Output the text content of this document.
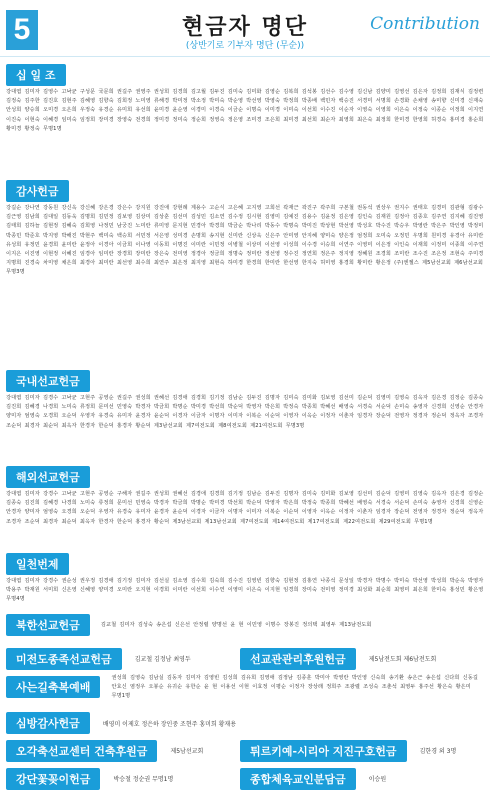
5	현금자 명단
(상반기로 기부자 명단 (무순))
Contribution
십 일 조
강대엽 김미자 김영수 고낙균 구성문 국문희 권길주 권영주 권성희 김경희 김고월 김두진 김미숙 김미화 김영순 김복희 김석봉 김선수 김수영 김신남 김양미 김영선 김은자 김정희 김재식 김정련 김정숙 김주한 김진호 김현주 김혜영 김향숙 김희정 노미영 류해경 박미정 박소정 박미숙 박순영 박선영 박영숙 박정희 박종배 백민자 백승진 서경미 서명희 손경화 손채영 송미향 신미경 신재숙 안성희 양승희 오미경 오은희 우정숙 유경순 유미희 유선희 윤미경 윤순영 이경미 이경숙 이금순 이명숙 이미경 이미숙 이선희 이수진 이순자 이영숙 이영희 이은숙 이정숙 이종순 이정희 이지연 이진숙 이현숙 이혜경 임미숙 임정희 장미경 장영숙 전경희 정미경 정미숙 정순희 정영숙 정은영 조미경 조은희 최미경 최선희 최순자 최영희 최은숙 최정희 한미경 한영희 허경숙 홍미경 홍순희 황미경 황정숙 무명1명
감사헌금
강길순 강나연 강동원 강신옥 강신혜 강은경 강은수 강지원 강진애 강현례 계용수 고순식 고은혜 고지영 고희선 곽재근 곽진구 곽주희 구본철 권동석 권상우 권지수 권태호 김경미 김관형 김광수 김근영 김남희 김대일 김동욱 김명희 김민정 김보영 김상미 김상훈 김선미 김성민 김소연 김수정 김시현 김영미 김예진 김용수 김윤정 김은영 김인숙 김재원 김정아 김종호 김주연 김지혜 김진영 김태희 김하늘 김현정 김혜숙 김희영 나정민 남궁진 노미란 류미영 문지현 민경아 박경희 박금순 박나리 박동수 박명숙 박미진 박상현 박선영 박성호 박수진 박승우 박영란 박은주 박인영 박정미 박종민 박준호 박지영 박해진 박현주 백미숙 백승희 서민정 서은영 성미경 손명희 송지현 신미란 신상욱 신은주 안미영 안지혜 양미숙 양은정 엄정희 오미숙 오정민 우명희 원미경 유경아 유미란 유성희 유정민 윤경희 윤미란 윤정아 이경아 이금희 이나영 이동희 이명진 이미란 이민정 이병철 이상미 이선영 이성희 이수경 이승희 이연주 이영미 이은정 이인숙 이재희 이정미 이종희 이주연 이지은 이진영 이현정 이혜진 임경아 임미란 장경희 장미란 장은숙 전미영 정경아 정금희 정명숙 정미란 정선영 정수진 정연희 정은주 정지영 정혜원 조경희 조미란 조수진 조은정 조현숙 주미경 지명희 진경숙 차미영 채은희 최경아 최미란 최선영 최수희 최연주 최은정 최지영 최현숙 하미경 한경희 한미란 한선영 한지숙 허미영 홍경희 황미란 황은정 (주)엔젤스 제5남선교회 제6남선교회 무명3명
국내선교헌금
강대엽 김미자 김경수 고낙균 고현주 공영순 권길주 권성희 권혜선 김경애 김경희 김기정 김남순 김두진 김명자 김미숙 김미화 김보영 김선미 김순덕 김영미 김영숙 김옥자 김은경 김정순 김종숙 김진희 김혜경 나경희 노미숙 류정희 문미선 민영숙 박경자 박금희 박명순 박미경 박선희 박순덕 박영자 박은희 박정숙 박종희 박혜선 배영숙 서경숙 서순덕 손미숙 송영자 신경희 신영순 안경자 양미자 엄영숙 오경희 오순덕 우영자 유경숙 유미자 윤경자 윤순덕 이경자 이금자 이명자 이미자 이복순 이순덕 이영자 이옥순 이정자 이춘자 임경자 장순덕 전영자 정경자 정순덕 정옥자 조경자 조순덕 최경자 최순덕 최옥자 한경자 한순덕 홍경자 황순덕 제3남선교회 제7여전도회 제8여전도회 제21여전도회 무명3명
해외선교헌금
강대엽 김미자 강경수 고낙균 고현주 공영순 구해자 권길주 권성희 권혜선 김경애 김경희 김기정 김남순 김두진 김명자 김미숙 김미화 김보영 김선미 김순덕 김영미 김영숙 김옥자 김은경 김정순 김종숙 김진희 김혜경 나경희 노미숙 류정희 문미선 민영숙 박경자 박금희 박명순 박미경 박선희 박순덕 박영자 박은희 박정숙 박종희 박혜선 배영숙 서경숙 서순덕 손미숙 송영자 신경희 신영순 안경자 양미자 엄영숙 오경희 오순덕 우영자 유경숙 유미자 윤경자 윤순덕 이경자 이금자 이명자 이미자 이복순 이순덕 이영자 이옥순 이정자 이춘자 임경자 장순덕 전영자 정경자 정순덕 정옥자 조경자 조순덕 최경자 최순덕 최옥자 한경자 한순덕 홍경자 황순덕 제3남선교회 제13남선교회 제7여전도회 제14여전도회 제17여전도회 제22여전도회 제29여전도회 무명1명
일천번제
강대엽 김미자 강경수 권순성 권우정 김경애 김기정 김미자 김선실 김소영 김수희 김숙희 김수진 김영빈 김향숙 김현정 김홍연 나종석 문성일 박경자 박명수 박미숙 박선영 박성희 박순옥 박영자 박용주 박재원 서미희 신은영 신혜영 양미경 오미란 오지현 이경희 이미란 이선희 이수연 이영미 이은숙 이지현 임경희 장미숙 전미영 정미경 최성화 최순희 최영미 최은희 한미숙 홍성민 황은영 무명4명
북한선교헌금	김교철 김미자 김성숙 송은섭 신은선 안정렬 양명선 윤 현 이민영 이명수 장봉진 정의택 최영두 제13남전도회
미전도종족선교헌금	김교철 김정남 최영두	선교관관리후원헌금	제5남전도회 제6남전도회
사는길축복예배 권성희 김영숙 김남실 김동자 김미자 김영빈 김성희 김유희 김영애 김정남 김종훈 박미아 박영란 박인영 신숙희 송기환 송은근 송은섭 신다희 신동길 안효신 염정우 오봉순 유귀순 유한순 윤 현 이용선 이현 이효정 이평순 이정자 장상래 정희주 조광렬 조성숙 조춘석 최영두 홍주선 황은숙 황은미 무명1명
심방감사헌금	배영미 이제호 정은하 장인중 조현주 홍미희 황재용
오각축선교센터 건축후원금	제5남선교회	튀르키예-시리아 지진구호헌금	김한경 외 3명
강단꽃꽂이헌금	박승철 정순권 무명1명	종합체육교인분담금	이승원
